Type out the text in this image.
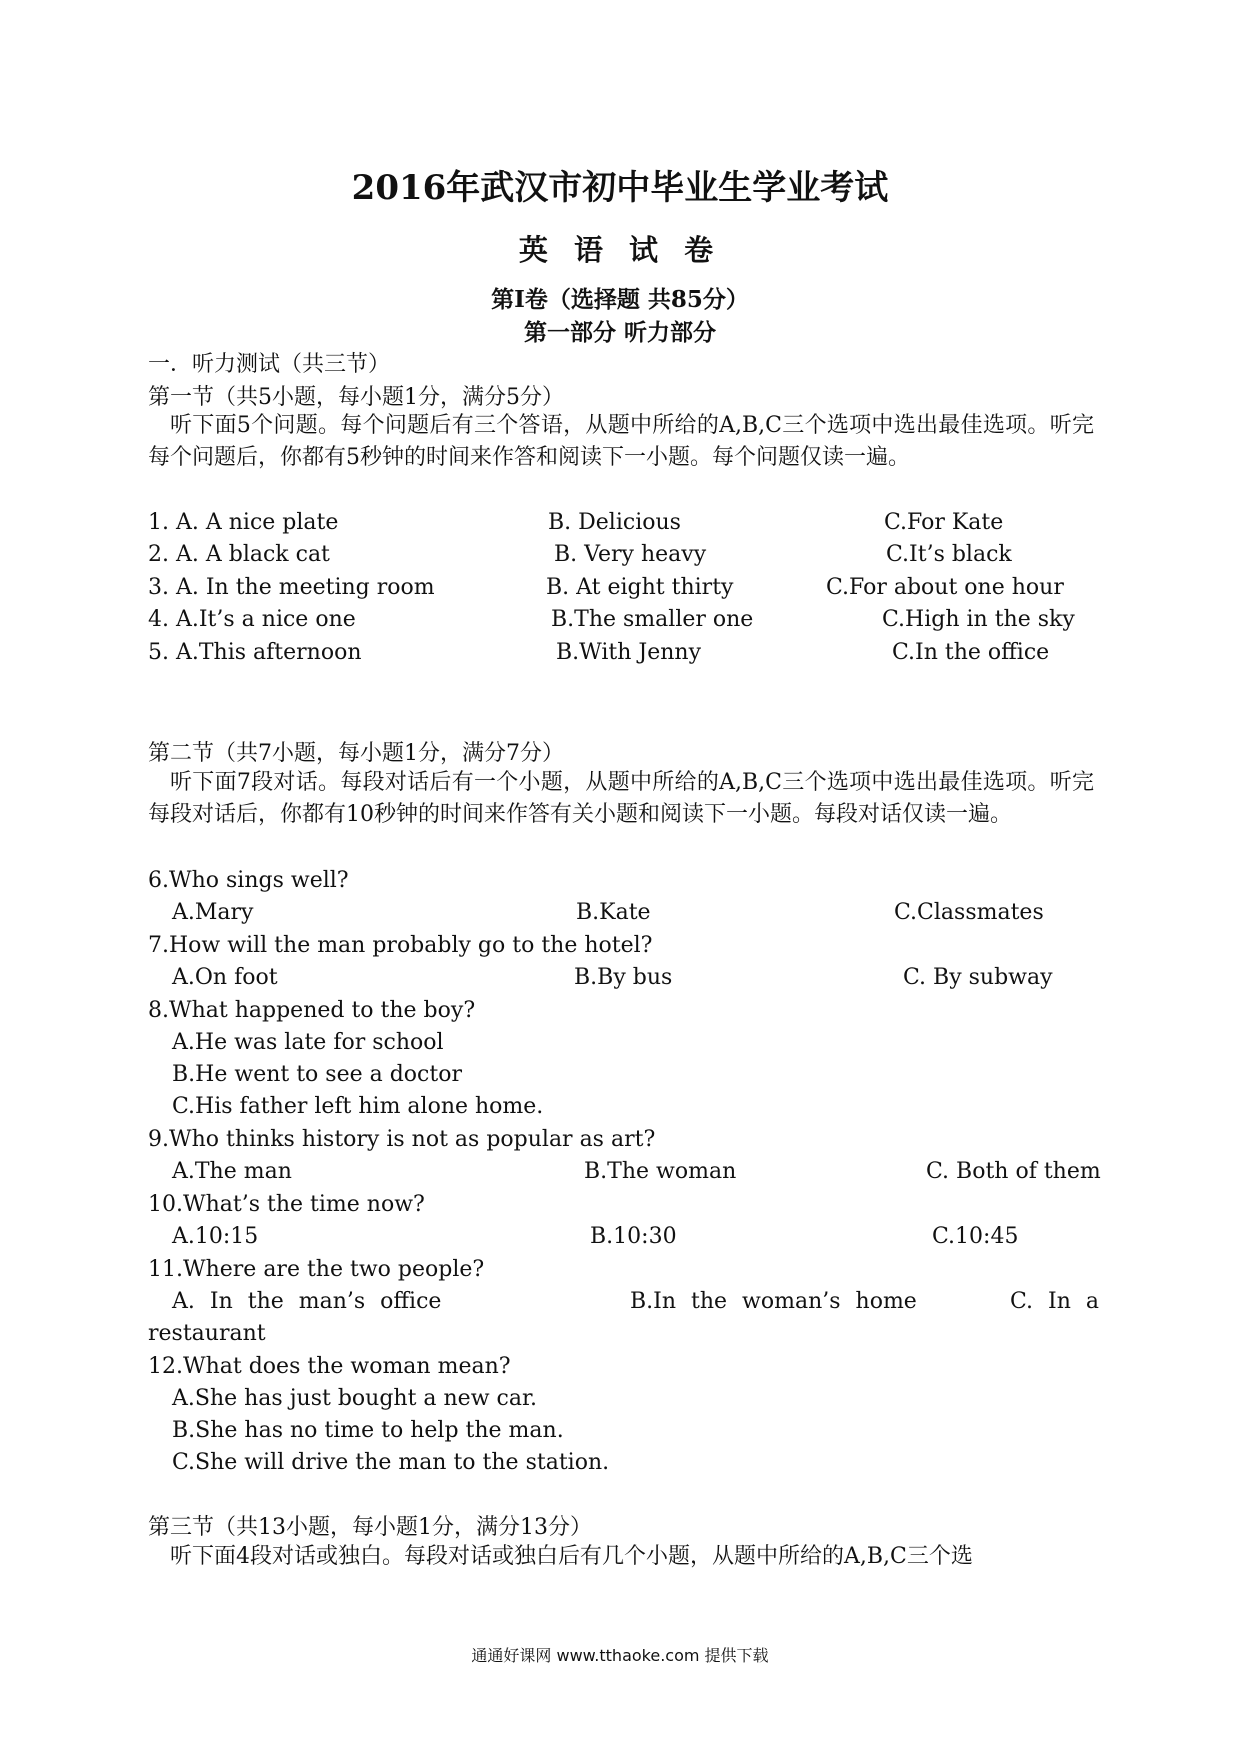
2016年武汉市初中毕业生学业考试
英 语 试 卷
第I卷（选择题 共85分）
第一部分 听力部分
一．听力测试（共三节）
第一节（共5小题，每小题1分，满分5分）
听下面5个问题。每个问题后有三个答语，从题中所给的A,B,C三个选项中选出最佳选项。听完每个问题后，你都有5秒钟的时间来作答和阅读下一小题。每个问题仅读一遍。
1. A. A nice plate	B. Delicious	C.For Kate
2. A. A black cat	B. Very heavy	C.It’s black
3. A. In the meeting room	B. At eight thirty	C.For about one hour
4. A.It’s a nice one	B.The smaller one	C.High in the sky
5. A.This afternoon	B.With Jenny	C.In the office
第二节（共7小题，每小题1分，满分7分）
听下面7段对话。每段对话后有一个小题，从题中所给的A,B,C三个选项中选出最佳选项。听完每段对话后，你都有10秒钟的时间来作答有关小题和阅读下一小题。每段对话仅读一遍。
6.Who sings well?
A.Mary	B.Kate	C.Classmates
7.How will the man probably go to the hotel?
A.On foot	B.By bus	C. By subway
8.What happened to the boy?
A.He was late for school
B.He went to see a doctor
C.His father left him alone home.
9.Who thinks history is not as popular as art?
A.The man	B.The woman	C. Both of them
10.What’s the time now?
A.10:15	B.10:30	C.10:45
11.Where are the two people?
A. In the man’s office	B.In the woman’s home	C. In a
restaurant
12.What does the woman mean?
A.She has just bought a new car.
B.She has no time to help the man.
C.She will drive the man to the station.
第三节（共13小题，每小题1分，满分13分）
听下面4段对话或独白。每段对话或独白后有几个小题，从题中所给的A,B,C三个选
通通好课网 www.tthaoke.com 提供下载
